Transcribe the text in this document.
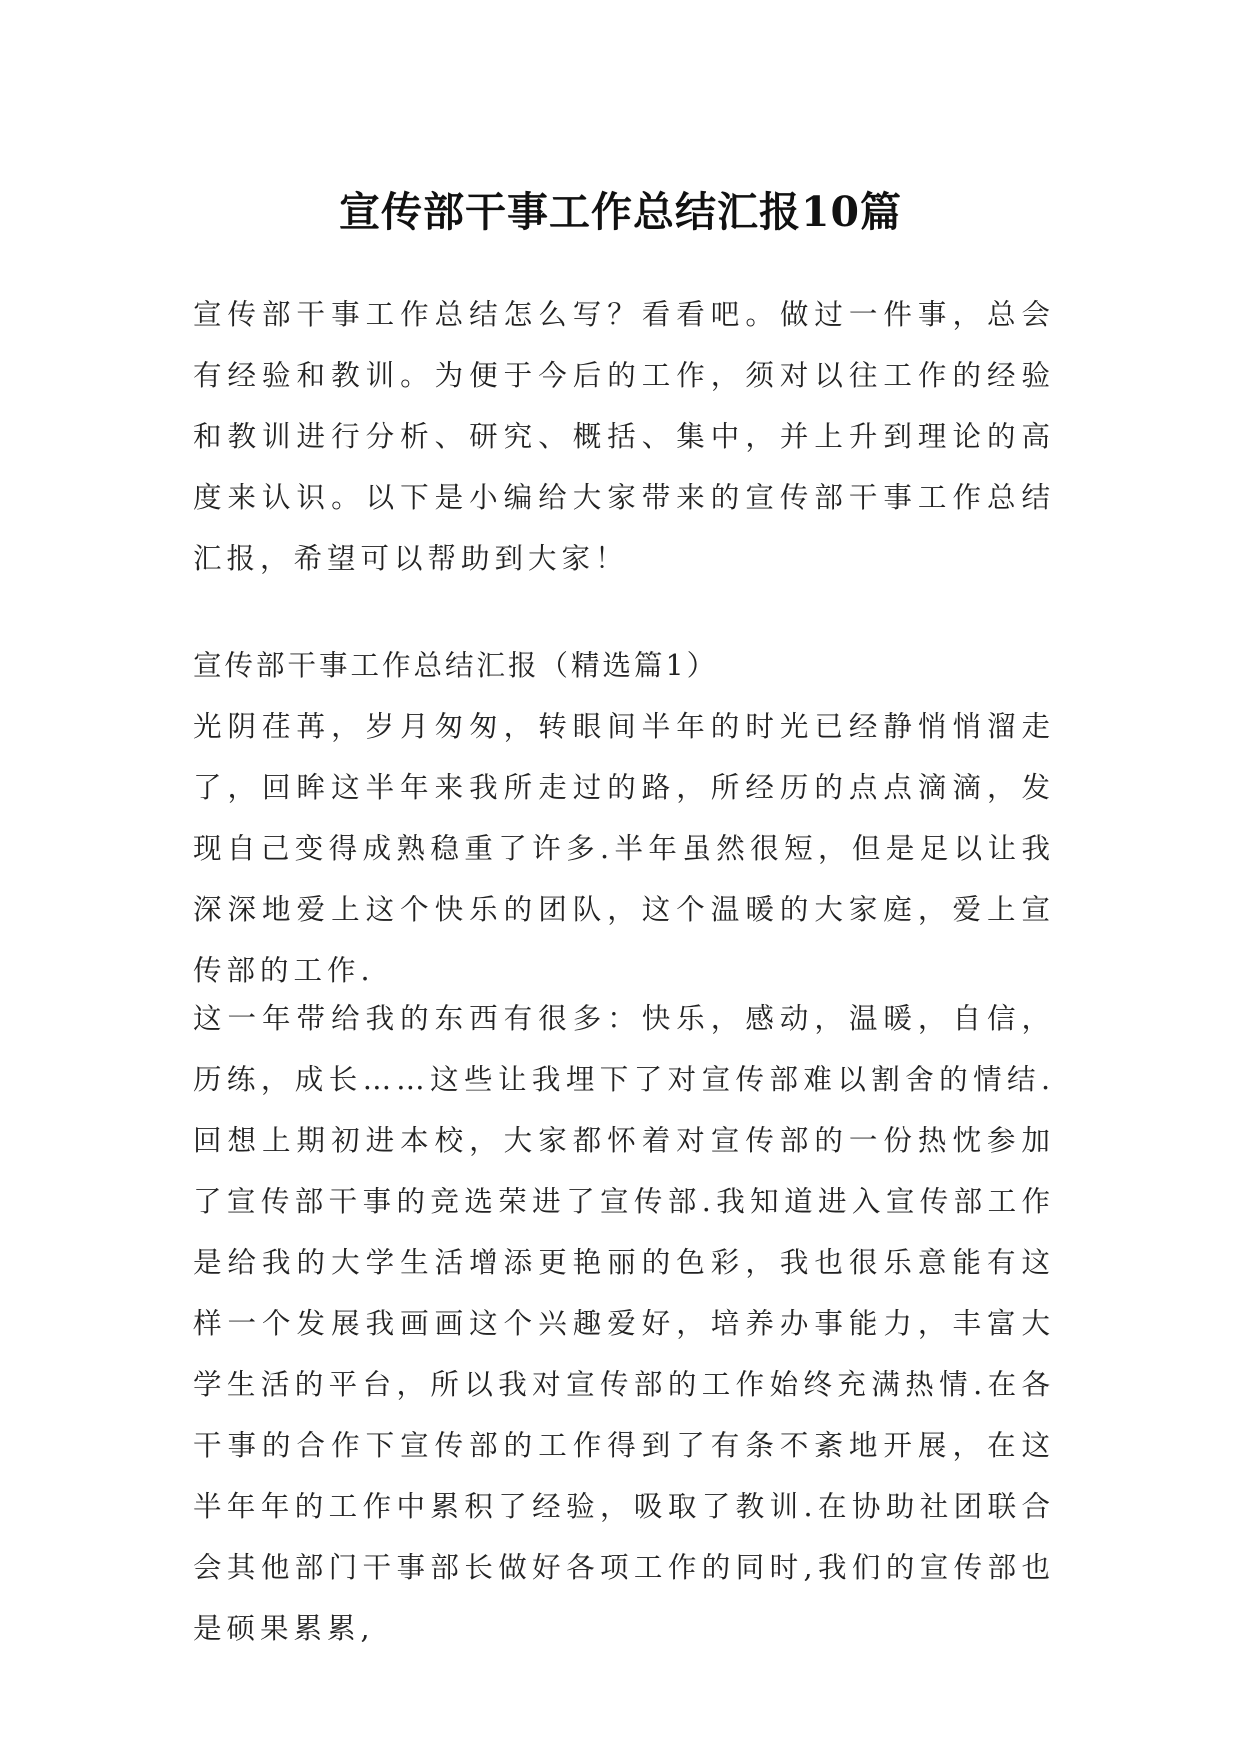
宣传部干事工作总结汇报10篇

宣传部干事工作总结怎么写？看看吧。做过一件事，总会有经验和教训。为便于今后的工作，须对以往工作的经验和教训进行分析、研究、概括、集中，并上升到理论的高度来认识。以下是小编给大家带来的宣传部干事工作总结汇报，希望可以帮助到大家！

宣传部干事工作总结汇报（精选篇1）

光阴荏苒，岁月匆匆，转眼间半年的时光已经静悄悄溜走了，回眸这半年来我所走过的路，所经历的点点滴滴，发现自己变得成熟稳重了许多.半年虽然很短，但是足以让我深深地爱上这个快乐的团队，这个温暖的大家庭，爱上宣传部的工作.

这一年带给我的东西有很多：快乐，感动，温暖，自信，历练，成长……这些让我埋下了对宣传部难以割舍的情结.回想上期初进本校，大家都怀着对宣传部的一份热忱参加了宣传部干事的竞选荣进了宣传部.我知道进入宣传部工作是给我的大学生活增添更艳丽的色彩，我也很乐意能有这样一个发展我画画这个兴趣爱好，培养办事能力，丰富大学生活的平台，所以我对宣传部的工作始终充满热情.在各干事的合作下宣传部的工作得到了有条不紊地开展，在这半年年的工作中累积了经验，吸取了教训.在协助社团联合会其他部门干事部长做好各项工作的同时,我们的宣传部也是硕果累累,
